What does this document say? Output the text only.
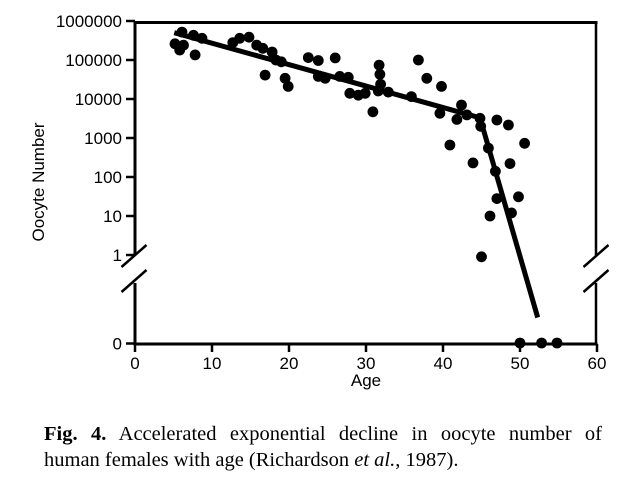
1000000
100000
10000
1000
100
10
1
0
0	10	20	30	40	50	60
Age
Oocyte Number

Fig. 4. Accelerated exponential decline in oocyte number of
human females with age (Richardson et al., 1987).
